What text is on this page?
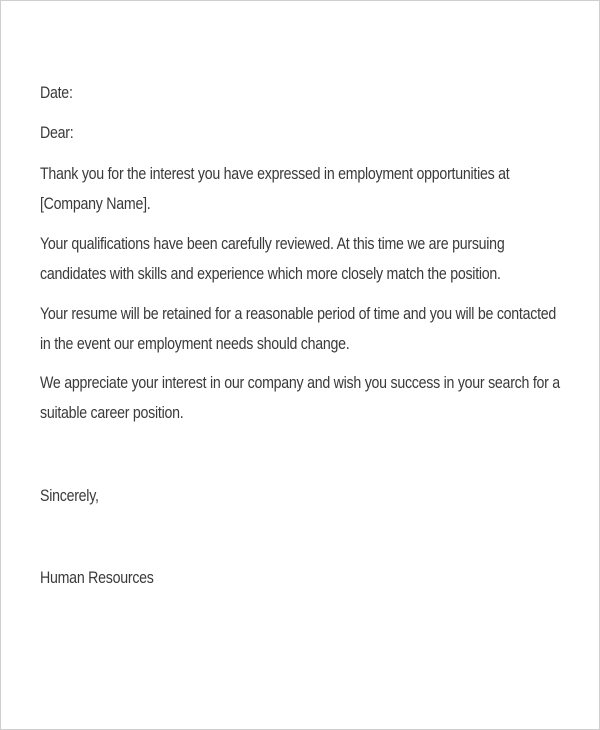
Date:

Dear:

Thank you for the interest you have expressed in employment opportunities at
[Company Name].
Your qualifications have been carefully reviewed. At this time we are pursuing
candidates with skills and experience which more closely match the position.
Your resume will be retained for a reasonable period of time and you will be contacted
in the event our employment needs should change.
We appreciate your interest in our company and wish you success in your search for a
suitable career position.

Sincerely,

Human Resources
